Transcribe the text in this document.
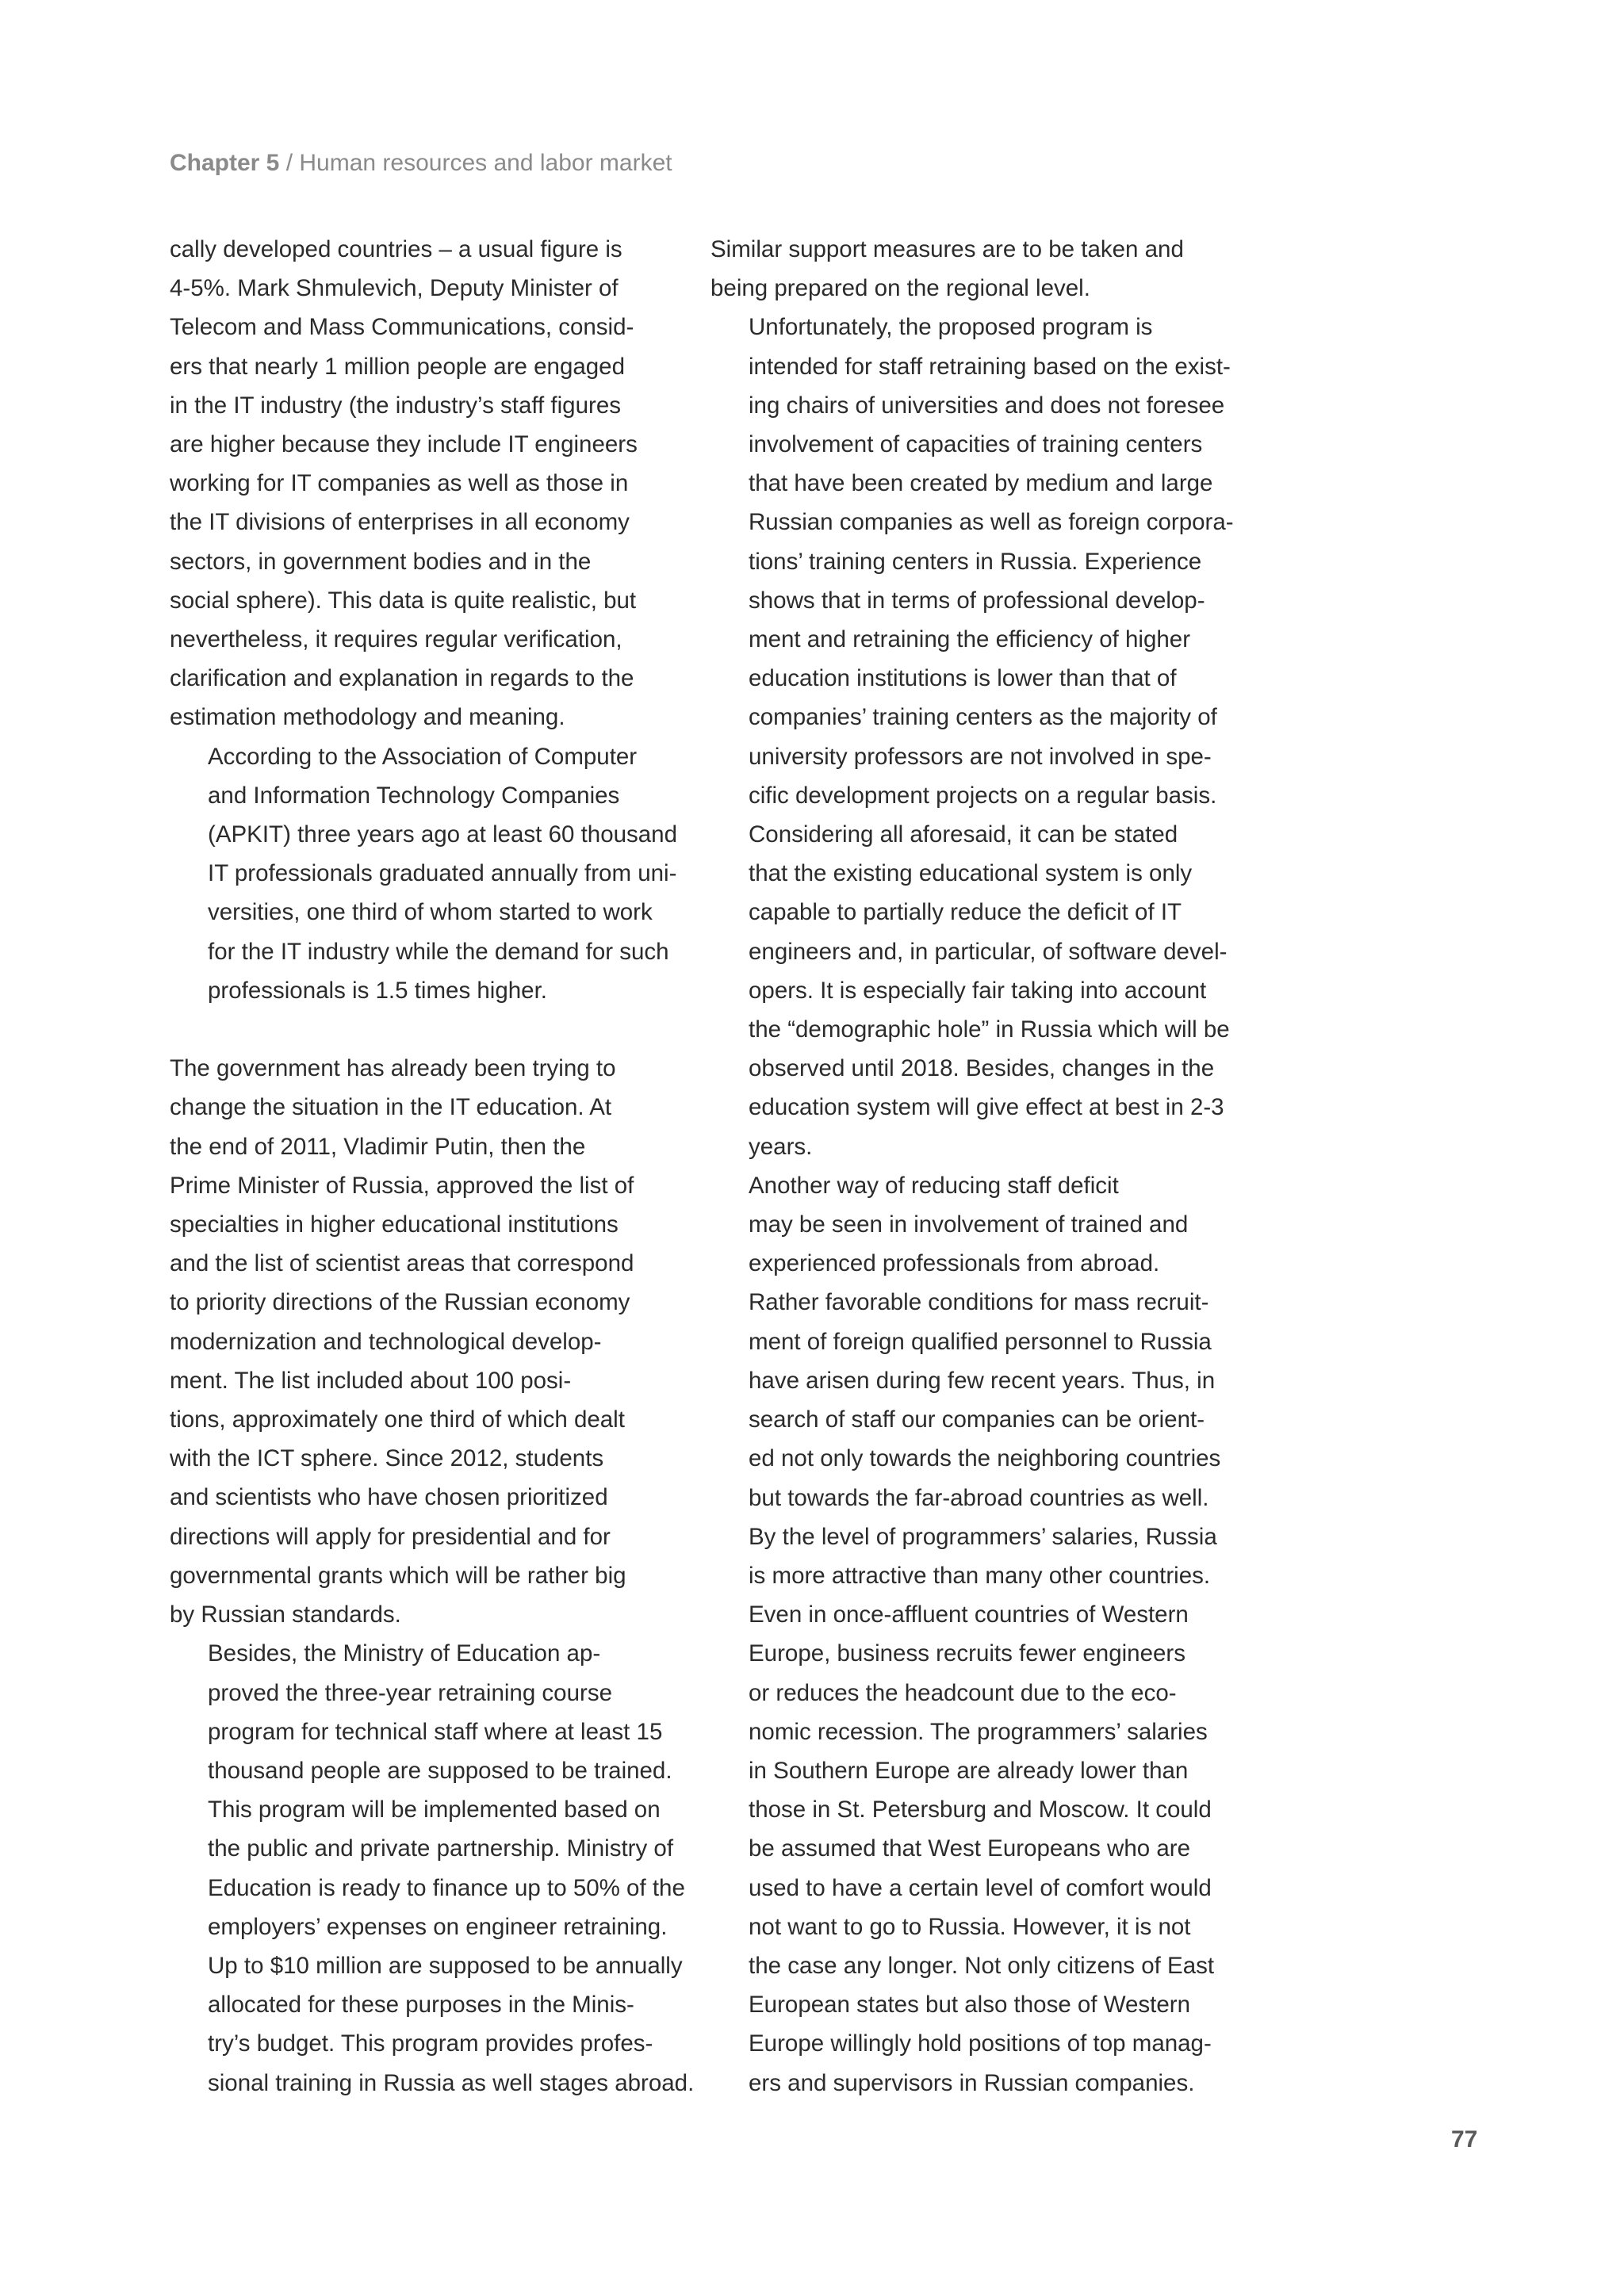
Chapter 5 / Human resources and labor market

cally developed countries – a usual figure is
4-5%. Mark Shmulevich, Deputy Minister of
Telecom and Mass Communications, consid-
ers that nearly 1 million people are engaged
in the IT industry (the industry’s staff figures
are higher because they include IT engineers
working for IT companies as well as those in
the IT divisions of enterprises in all economy
sectors, in government bodies and in the
social sphere). This data is quite realistic, but
nevertheless, it requires regular verification,
clarification and explanation in regards to the
estimation methodology and meaning.

According to the Association of Computer
and Information Technology Companies
(APKIT) three years ago at least 60 thousand
IT professionals graduated annually from uni-
versities, one third of whom started to work
for the IT industry while the demand for such
professionals is 1.5 times higher.

The government has already been trying to
change the situation in the IT education. At
the end of 2011, Vladimir Putin, then the
Prime Minister of Russia, approved the list of
specialties in higher educational institutions
and the list of scientist areas that correspond
to priority directions of the Russian economy
modernization and technological develop-
ment. The list included about 100 posi-
tions, approximately one third of which dealt
with the ICT sphere. Since 2012, students
and scientists who have chosen prioritized
directions will apply for presidential and for
governmental grants which will be rather big
by Russian standards.

Besides, the Ministry of Education ap-
proved the three-year retraining course
program for technical staff where at least 15
thousand people are supposed to be trained.
This program will be implemented based on
the public and private partnership. Ministry of
Education is ready to finance up to 50% of the
employers’ expenses on engineer retraining.
Up to $10 million are supposed to be annually
allocated for these purposes in the Minis-
try’s budget. This program provides profes-
sional training in Russia as well stages abroad.

Similar support measures are to be taken and
being prepared on the regional level.

Unfortunately, the proposed program is
intended for staff retraining based on the exist-
ing chairs of universities and does not foresee
involvement of capacities of training centers
that have been created by medium and large
Russian companies as well as foreign corpora-
tions’ training centers in Russia. Experience
shows that in terms of professional develop-
ment and retraining the efficiency of higher
education institutions is lower than that of
companies’ training centers as the majority of
university professors are not involved in spe-
cific development projects on a regular basis.

Considering all aforesaid, it can be stated
that the existing educational system is only
capable to partially reduce the deficit of IT
engineers and, in particular, of software devel-
opers. It is especially fair taking into account
the “demographic hole” in Russia which will be
observed until 2018. Besides, changes in the
education system will give effect at best in 2-3
years.

Another way of reducing staff deficit
may be seen in involvement of trained and
experienced professionals from abroad.
Rather favorable conditions for mass recruit-
ment of foreign qualified personnel to Russia
have arisen during few recent years. Thus, in
search of staff our companies can be orient-
ed not only towards the neighboring countries
but towards the far-abroad countries as well.
By the level of programmers’ salaries, Russia
is more attractive than many other countries.
Even in once-affluent countries of Western
Europe, business recruits fewer engineers
or reduces the headcount due to the eco-
nomic recession. The programmers’ salaries
in Southern Europe are already lower than
those in St. Petersburg and Moscow. It could
be assumed that West Europeans who are
used to have a certain level of comfort would
not want to go to Russia. However, it is not
the case any longer. Not only citizens of East
European states but also those of Western
Europe willingly hold positions of top manag-
ers and supervisors in Russian companies.

77
